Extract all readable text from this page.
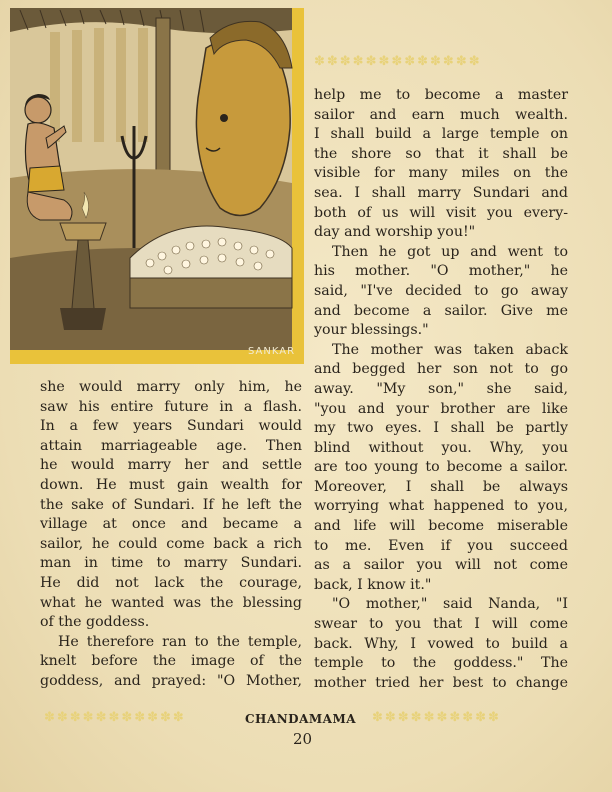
SANKAR
✽✽✽✽✽✽✽✽✽✽✽✽✽
help me to become a master
sailor and earn much wealth.
I shall build a large temple on
the shore so that it shall be
visible for many miles on the
sea. I shall marry Sundari and
both of us will visit you every-
day and worship you!"
Then he got up and went to
his mother. "O mother," he
said, "I've decided to go away
and become a sailor. Give me
your blessings."
The mother was taken aback
and begged her son not to go
away. "My son," she said,
"you and your brother are like
my two eyes. I shall be partly
blind without you. Why, you
are too young to become a sailor.
Moreover, I shall be always
worrying what happened to you,
and life will become miserable
to me. Even if you succeed
as a sailor you will not come
back, I know it."
"O mother," said Nanda, "I
swear to you that I will come
back. Why, I vowed to build a
temple to the goddess." The
mother tried her best to change
she would marry only him, he
saw his entire future in a flash.
In a few years Sundari would
attain marriageable age. Then
he would marry her and settle
down. He must gain wealth for
the sake of Sundari. If he left the
village at once and became a
sailor, he could come back a rich
man in time to marry Sundari.
He did not lack the courage,
what he wanted was the blessing
of the goddess.
He therefore ran to the temple,
knelt before the image of the
goddess, and prayed: "O Mother,
✽✽✽✽✽✽✽✽✽✽✽	CHANDAMAMA ✽✽✽✽✽✽✽✽✽✽
20
